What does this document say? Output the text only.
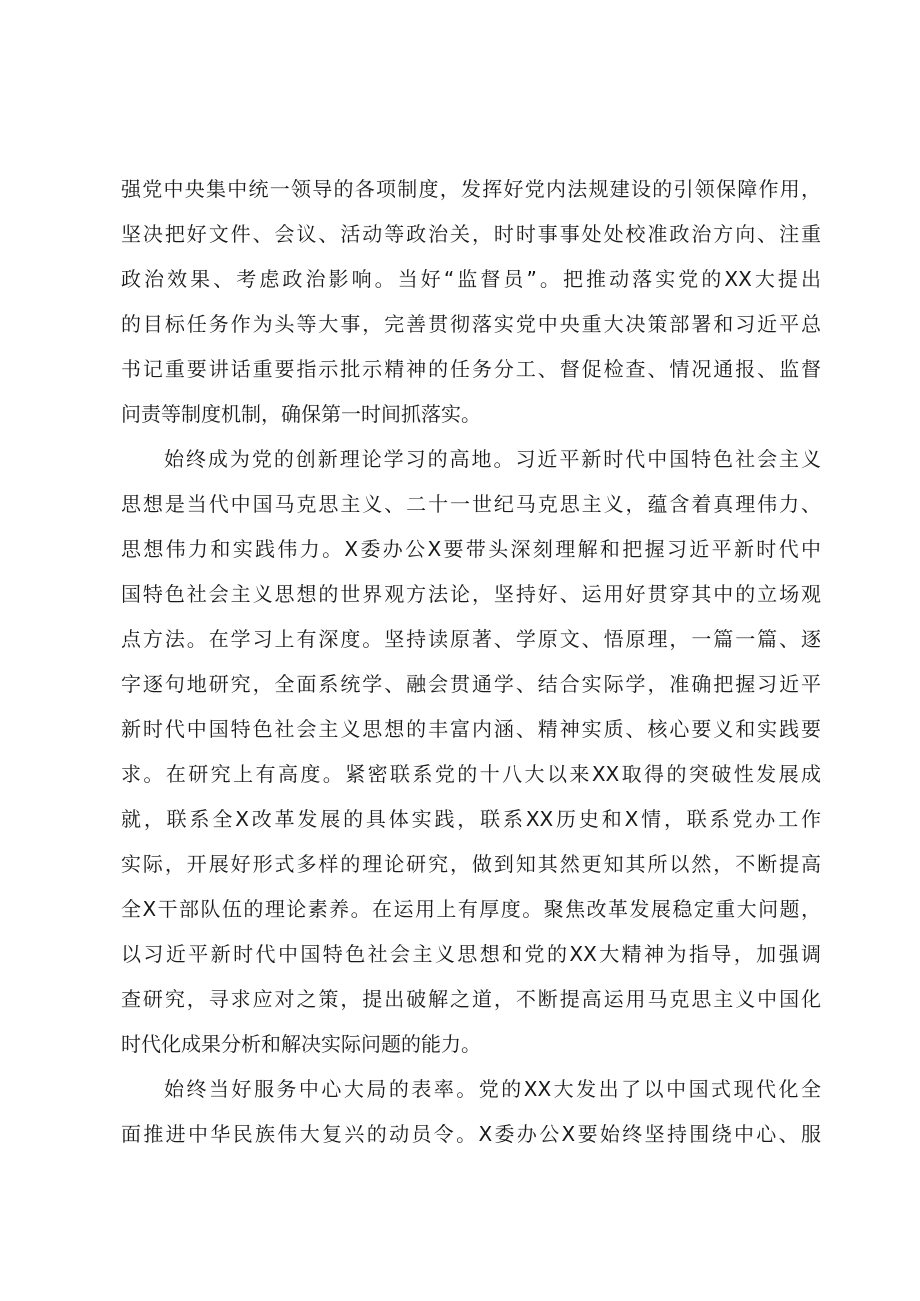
强党中央集中统一领导的各项制度，发挥好党内法规建设的引领保障作用，
坚决把好文件、会议、活动等政治关，时时事事处处校准政治方向、注重
政治效果、考虑政治影响。当好“监督员”。把推动落实党的XX大提出
的目标任务作为头等大事，完善贯彻落实党中央重大决策部署和习近平总
书记重要讲话重要指示批示精神的任务分工、督促检查、情况通报、监督
问责等制度机制，确保第一时间抓落实。
始终成为党的创新理论学习的高地。习近平新时代中国特色社会主义
思想是当代中国马克思主义、二十一世纪马克思主义，蕴含着真理伟力、
思想伟力和实践伟力。X委办公X要带头深刻理解和把握习近平新时代中
国特色社会主义思想的世界观方法论，坚持好、运用好贯穿其中的立场观
点方法。在学习上有深度。坚持读原著、学原文、悟原理，一篇一篇、逐
字逐句地研究，全面系统学、融会贯通学、结合实际学，准确把握习近平
新时代中国特色社会主义思想的丰富内涵、精神实质、核心要义和实践要
求。在研究上有高度。紧密联系党的十八大以来XX取得的突破性发展成
就，联系全X改革发展的具体实践，联系XX历史和X情，联系党办工作
实际，开展好形式多样的理论研究，做到知其然更知其所以然，不断提高
全X干部队伍的理论素养。在运用上有厚度。聚焦改革发展稳定重大问题，
以习近平新时代中国特色社会主义思想和党的XX大精神为指导，加强调
查研究，寻求应对之策，提出破解之道，不断提高运用马克思主义中国化
时代化成果分析和解决实际问题的能力。
始终当好服务中心大局的表率。党的XX大发出了以中国式现代化全
面推进中华民族伟大复兴的动员令。X委办公X要始终坚持围绕中心、服
